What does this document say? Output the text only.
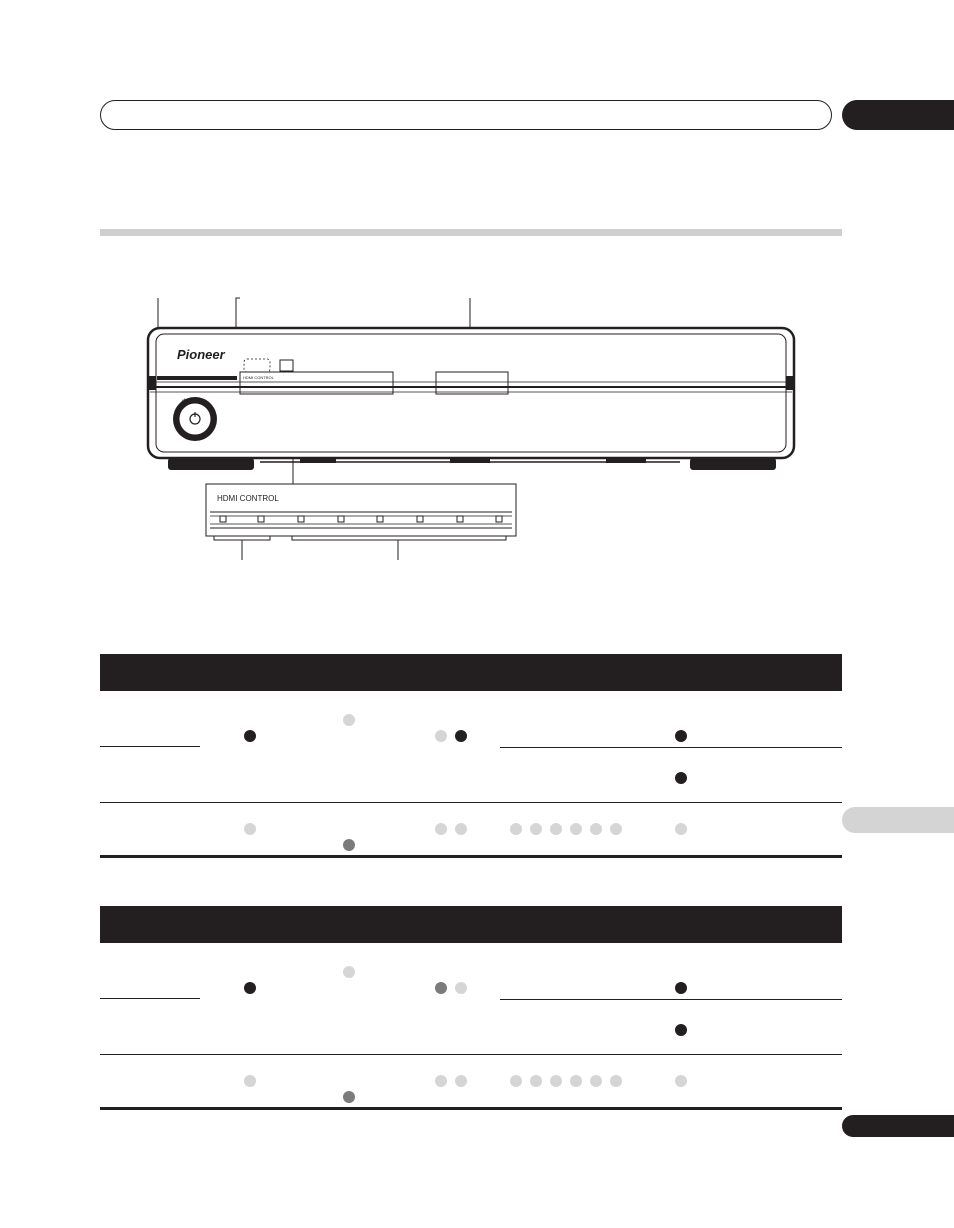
Pioneer
HDMI CONTROL
⏻
HDMI CONTROL
